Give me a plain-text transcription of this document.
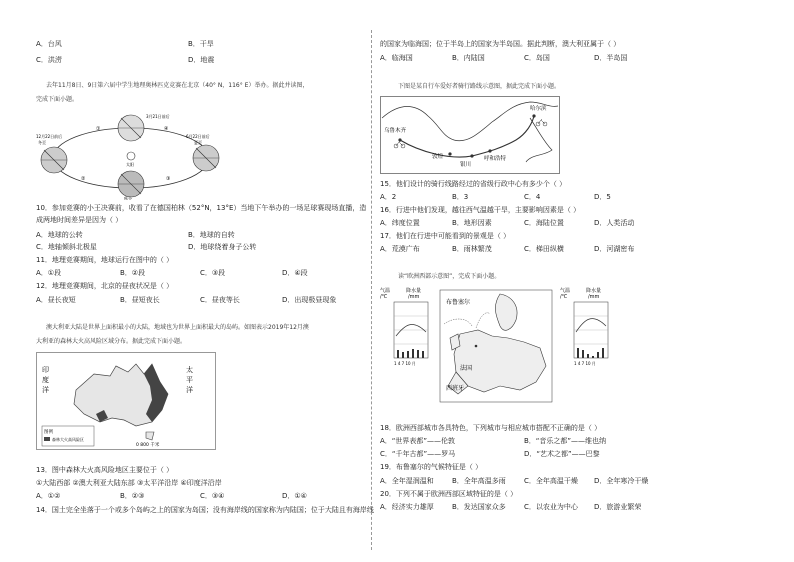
A．台风	B．干旱
C．洪涝	D．地震
去年11月8日、9日第六届中学生地理奥林匹克竞赛在北京（40° N，116° E）举办。据此并读图，
完成下面小题。
3月21日前后
12月22日前后
冬至
6月22日前后
夏至
太阳
①
②	③
④
秋分
10．参加竞赛的小王决赛前，收看了在德国柏林（52°N，13°E）当地下午举办的一场足球赛现场直播，造
成两地时间差异是因为（ ）
A．地球的公转	B．地球的自转
C．地轴倾斜北极星	D．地球绕着身子公转
11．地理竞赛期间，地球运行在图中的（ ）
A．①段	B．②段	C．③段	D．④段
12．地理竞赛期间，北京的昼夜状况是（ ）
A．昼长夜短	B．昼短夜长	C．昼夜等长	D．出现极昼现象
澳大利亚大陆是世界上面积最小的大陆，地域也为世界上面积最大的岛屿。如图表示2019年12月澳
大利亚的森林大火高风险区域分布。据此完成下面小题。
印
度
洋
太
平
洋
图例
森林大火高风险区
0 800 千米
13．图中森林大火高风险地区主要位于（ ）
①大陆西部 ②澳大利亚大陆东部 ③太平洋沿岸 ④印度洋沿岸
A．①②	B．②③	C．③④	D．①④
14．国土完全坐落于一个或多个岛屿之上的国家为岛国；没有海岸线的国家称为内陆国；位于大陆且有海岸线
的国家为临海国；位于半岛上的国家为半岛国。据此判断，澳大利亚属于（ ）
A．临海国	B．内陆国	C．岛国	D．半岛国
下图是某自行车爱好者骑行路线示意图，据此完成下面小题。
乌鲁木齐
敦煌
银川
呼和浩特
哈尔滨
15．他们设计的骑行线路经过的省级行政中心有多少个（ ）
A．2	B．3	C．4	D．5
16．行进中他们发现，越往西气温越干旱，主要影响因素是（ ）
A．纬度位置	B．地形因素	C．海陆位置	D．人类活动
17．他们在行进中可能看到的景观是（ ）
A．荒漠广布	B．雨林繁茂	C．梯田纵横	D．河湖密布
读“欧洲西部示意图”，完成下面小题。
气温
/℃
降水量
/mm
1 4 7 10 月
布鲁塞尔
法国
西班牙
气温
/℃
降水量
/mm
1 4 7 10 月
18．欧洲西部城市各具特色，下列城市与相应城市搭配不正确的是（ ）
A．“世界表都”——伦敦	B．“音乐之都”——维也纳
C．“千年古都”——罗马	D．“艺术之都”——巴黎
19．布鲁塞尔的气候特征是（ ）
A．全年湿润温和	B．全年高温多雨	C．全年高温干燥 D．全年寒冷干燥
20．下列不属于欧洲西部区域特征的是（ ）
A．经济实力雄厚	B．发达国家众多	C．以农业为中心 D．旅游业繁荣
